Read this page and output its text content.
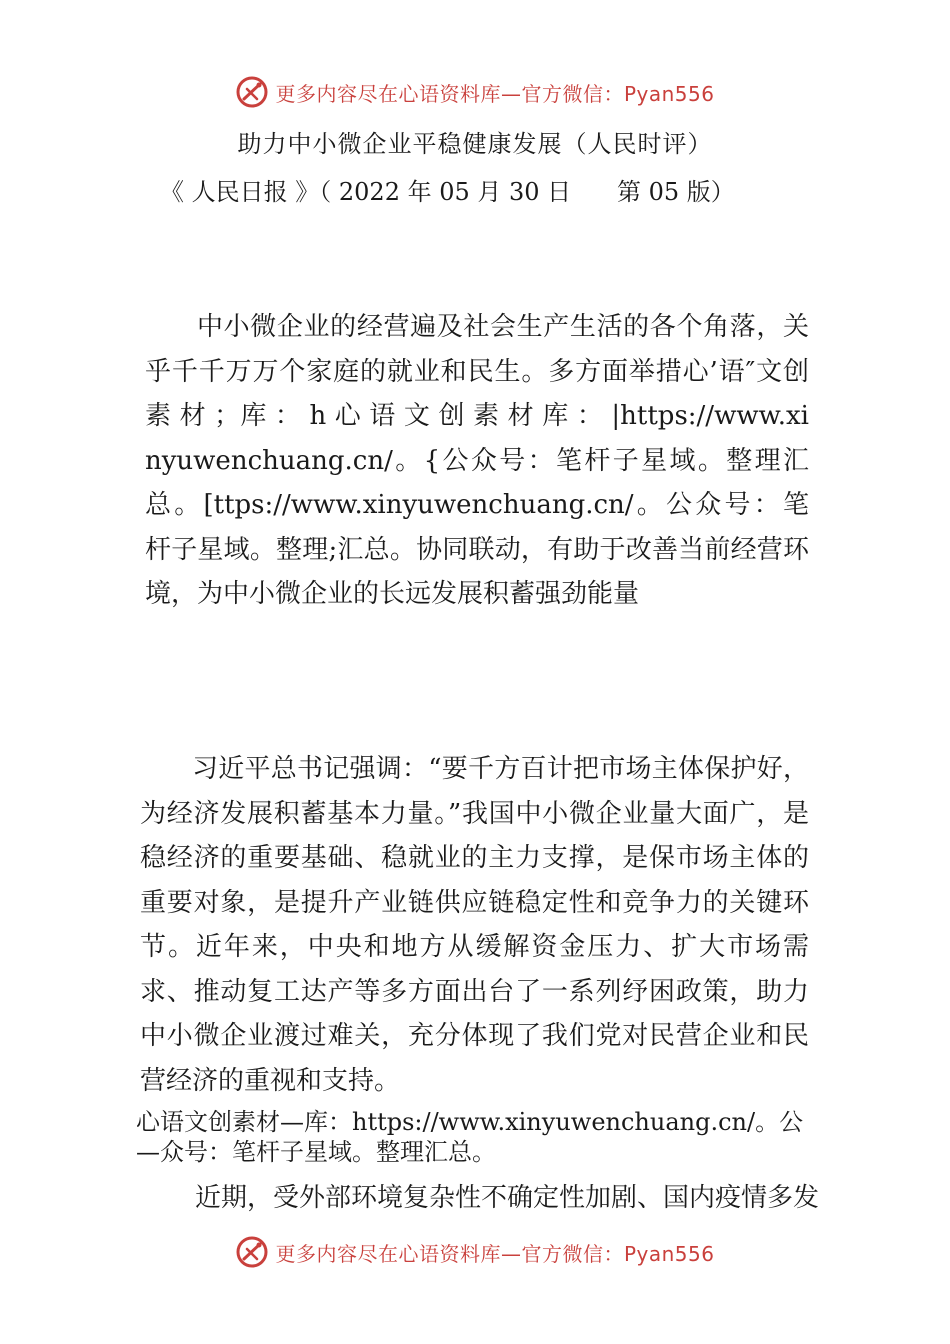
更多内容尽在心语资料库—官方微信：Pyan556
助力中小微企业平稳健康发展（人民时评）
《 人民日报 》（ 2022 年 05 月 30 日      第 05 版）

中小微企业的经营遍及社会生产生活的各个角落，关乎千千万万个家庭的就业和民生。多方面举措心’语″文创素 材 ；库 ： h 心 语 文 创 素 材 库 ： |https://www.xinyuwenchuang.cn/。{公众号：笔杆子星域。整理汇总。[ttps://www.xinyuwenchuang.cn/。公众号：笔杆子星域。整理;汇总。协同联动，有助于改善当前经营环境，为中小微企业的长远发展积蓄强劲能量

习近平总书记强调：“要千方百计把市场主体保护好，为经济发展积蓄基本力量。”我国中小微企业量大面广，是稳经济的重要基础、稳就业的主力支撑，是保市场主体的重要对象，是提升产业链供应链稳定性和竞争力的关键环节。近年来，中央和地方从缓解资金压力、扩大市场需求、推动复工达产等多方面出台了一系列纾困政策，助力中小微企业渡过难关，充分体现了我们党对民营企业和民营经济的重视和支持。

心语文创素材—库：https://www.xinyuwenchuang.cn/。公—众号：笔杆子星域。整理汇总。

近期，受外部环境复杂性不确定性加剧、国内疫情多发

更多内容尽在心语资料库—官方微信：Pyan556
